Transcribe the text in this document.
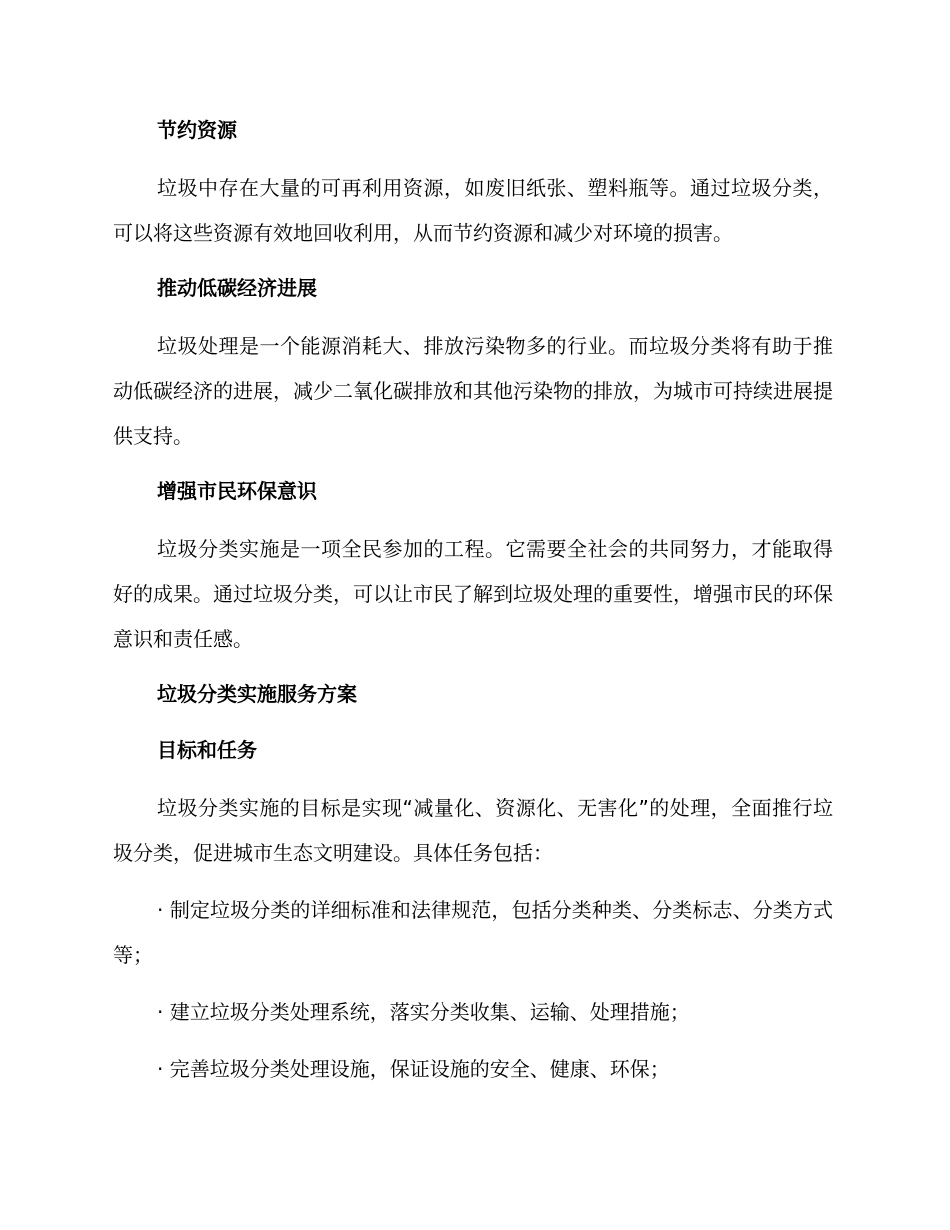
节约资源
垃圾中存在大量的可再利用资源，如废旧纸张、塑料瓶等。通过垃圾分类，可以将这些资源有效地回收利用，从而节约资源和减少对环境的损害。
推动低碳经济进展
垃圾处理是一个能源消耗大、排放污染物多的行业。而垃圾分类将有助于推动低碳经济的进展，减少二氧化碳排放和其他污染物的排放，为城市可持续进展提供支持。
增强市民环保意识
垃圾分类实施是一项全民参加的工程。它需要全社会的共同努力，才能取得好的成果。通过垃圾分类，可以让市民了解到垃圾处理的重要性，增强市民的环保意识和责任感。
垃圾分类实施服务方案
目标和任务
垃圾分类实施的目标是实现“减量化、资源化、无害化”的处理，全面推行垃圾分类，促进城市生态文明建设。具体任务包括：
· 制定垃圾分类的详细标准和法律规范，包括分类种类、分类标志、分类方式等；
· 建立垃圾分类处理系统，落实分类收集、运输、处理措施；
· 完善垃圾分类处理设施，保证设施的安全、健康、环保；
